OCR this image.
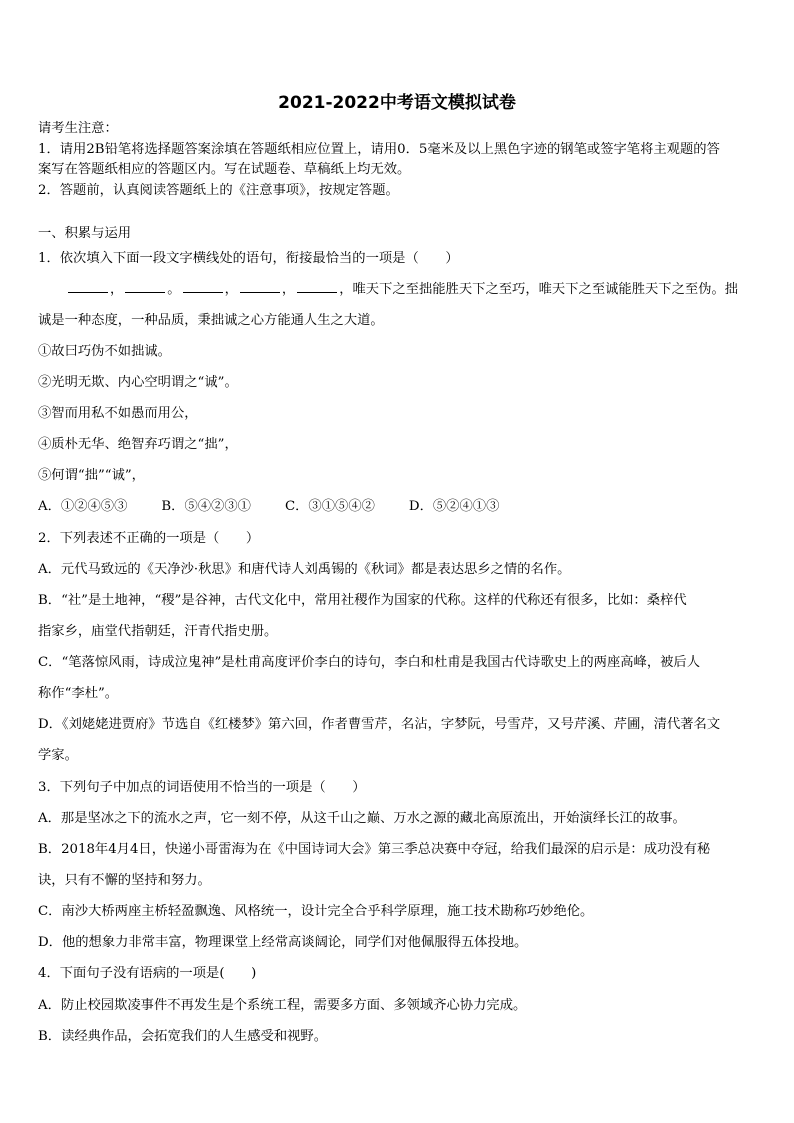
2021-2022中考语文模拟试卷
请考生注意：
1．请用2B铅笔将选择题答案涂填在答题纸相应位置上，请用0．5毫米及以上黑色字迹的钢笔或签字笔将主观题的答
案写在答题纸相应的答题区内。写在试题卷、草稿纸上均无效。
2．答题前，认真阅读答题纸上的《注意事项》，按规定答题。
一、积累与运用
1．依次填入下面一段文字横线处的语句，衔接最恰当的一项是（　　）
，	。	，	，	，唯天下之至拙能胜天下之至巧，唯天下之至诚能胜天下之至伪。拙
诚是一种态度，一种品质，秉拙诚之心方能通人生之大道。
①故曰巧伪不如拙诚。
②光明无欺、内心空明谓之“诚”。
③智而用私不如愚而用公，
④质朴无华、绝智弃巧谓之“拙”，
⑤何谓“拙”“诚”，
A．①②④⑤③	B．⑤④②③①	C．③①⑤④②	D．⑤②④①③
2．下列表述不正确的一项是（　　）
A．元代马致远的《天净沙·秋思》和唐代诗人刘禹锡的《秋词》都是表达思乡之情的名作。
B．“社”是土地神，“稷”是谷神，古代文化中，常用社稷作为国家的代称。这样的代称还有很多，比如：桑梓代
指家乡，庙堂代指朝廷，汗青代指史册。
C．“笔落惊风雨，诗成泣鬼神”是杜甫高度评价李白的诗句，李白和杜甫是我国古代诗歌史上的两座高峰，被后人
称作“李杜”。
D．《刘姥姥进贾府》节选自《红楼梦》第六回，作者曹雪芹，名沾，字梦阮，号雪芹，又号芹溪、芹圃，清代著名文
学家。
3．下列句子中加点的词语使用不恰当的一项是（　　）
A．那是坚冰之下的流水之声，它一刻不停，从这千山之巅、万水之源的藏北高原流出，开始演绎长江的故事。
B．2018年4月4日，快递小哥雷海为在《中国诗词大会》第三季总决赛中夺冠，给我们最深的启示是：成功没有秘
诀，只有不懈的坚持和努力。
C．南沙大桥两座主桥轻盈飘逸、风格统一，设计完全合乎科学原理，施工技术勘称巧妙绝伦。
D．他的想象力非常丰富，物理课堂上经常高谈阔论，同学们对他佩服得五体投地。
4．下面句子没有语病的一项是(　　)
A．防止校园欺凌事件不再发生是个系统工程，需要多方面、多领域齐心协力完成。
B．读经典作品，会拓宽我们的人生感受和视野。
